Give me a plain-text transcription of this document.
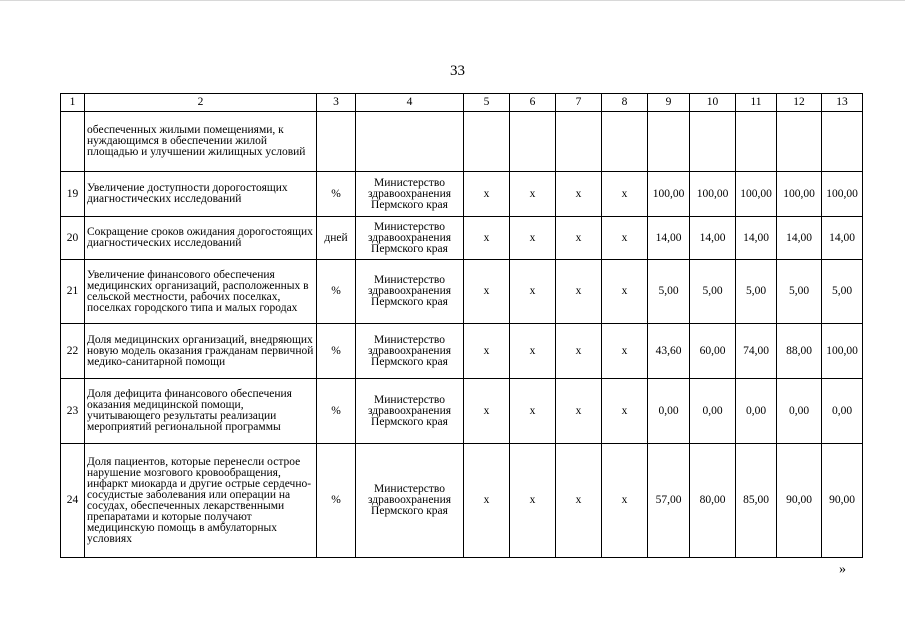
33
1	2	3	4	5	6	7	8	9	10	11	12	13
	обеспеченных жилыми помещениями, к нуждающимся в обеспечении жилой площадью и улучшении жилищных условий											
19	Увеличение доступности дорогостоящих диагностических исследований	%	Министерство здравоохранения Пермского края	х	х	х	х	100,00	100,00	100,00	100,00	100,00
20	Сокращение сроков ожидания дорогостоящих диагностических исследований	дней	Министерство здравоохранения Пермского края	х	х	х	х	14,00	14,00	14,00	14,00	14,00
21	Увеличение финансового обеспечения медицинских организаций, расположенных в сельской местности, рабочих поселках, поселках городского типа и малых городах	%	Министерство здравоохранения Пермского края	х	х	х	х	5,00	5,00	5,00	5,00	5,00
22	Доля медицинских организаций, внедряющих новую модель оказания гражданам первичной медико-санитарной помощи	%	Министерство здравоохранения Пермского края	х	х	х	х	43,60	60,00	74,00	88,00	100,00
23	Доля дефицита финансового обеспечения оказания медицинской помощи, учитывающего результаты реализации мероприятий региональной программы	%	Министерство здравоохранения Пермского края	х	х	х	х	0,00	0,00	0,00	0,00	0,00
24	Доля пациентов, которые перенесли острое нарушение мозгового кровообращения, инфаркт миокарда и другие острые сердечно-сосудистые заболевания или операции на сосудах, обеспеченных лекарственными препаратами и которые получают медицинскую помощь в амбулаторных условиях	%	Министерство здравоохранения Пермского края	х	х	х	х	57,00	80,00	85,00	90,00	90,00
»
